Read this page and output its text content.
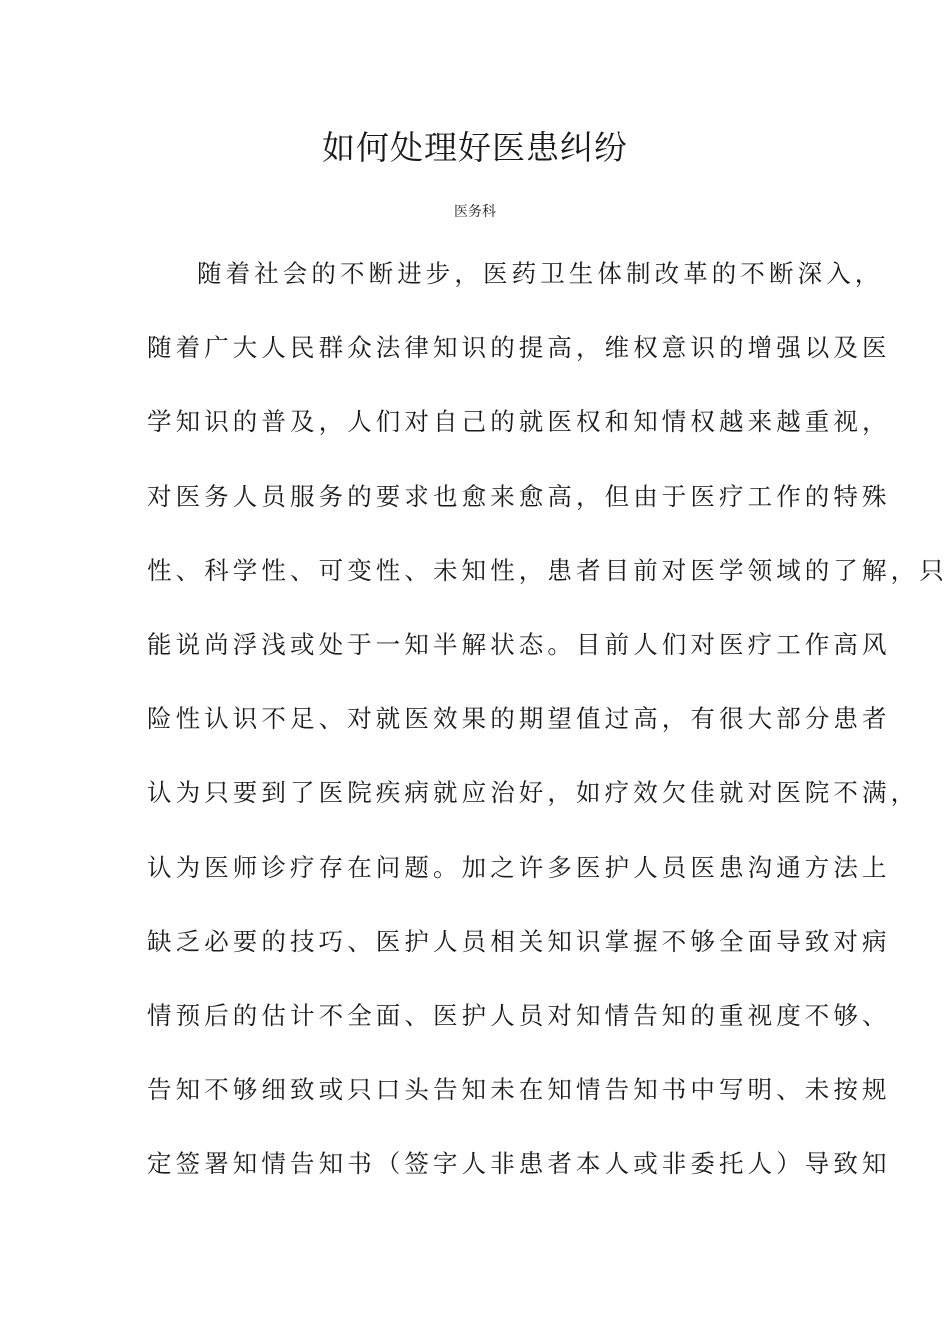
如何处理好医患纠纷
医务科
随着社会的不断进步，医药卫生体制改革的不断深入，
随着广大人民群众法律知识的提高，维权意识的增强以及医
学知识的普及，人们对自己的就医权和知情权越来越重视，
对医务人员服务的要求也愈来愈高，但由于医疗工作的特殊
性、科学性、可变性、未知性，患者目前对医学领域的了解，只
能说尚浮浅或处于一知半解状态。目前人们对医疗工作高风
险性认识不足、对就医效果的期望值过高，有很大部分患者
认为只要到了医院疾病就应治好，如疗效欠佳就对医院不满，
认为医师诊疗存在问题。加之许多医护人员医患沟通方法上
缺乏必要的技巧、医护人员相关知识掌握不够全面导致对病
情预后的估计不全面、医护人员对知情告知的重视度不够、
告知不够细致或只口头告知未在知情告知书中写明、未按规
定签署知情告知书（签字人非患者本人或非委托人）导致知
